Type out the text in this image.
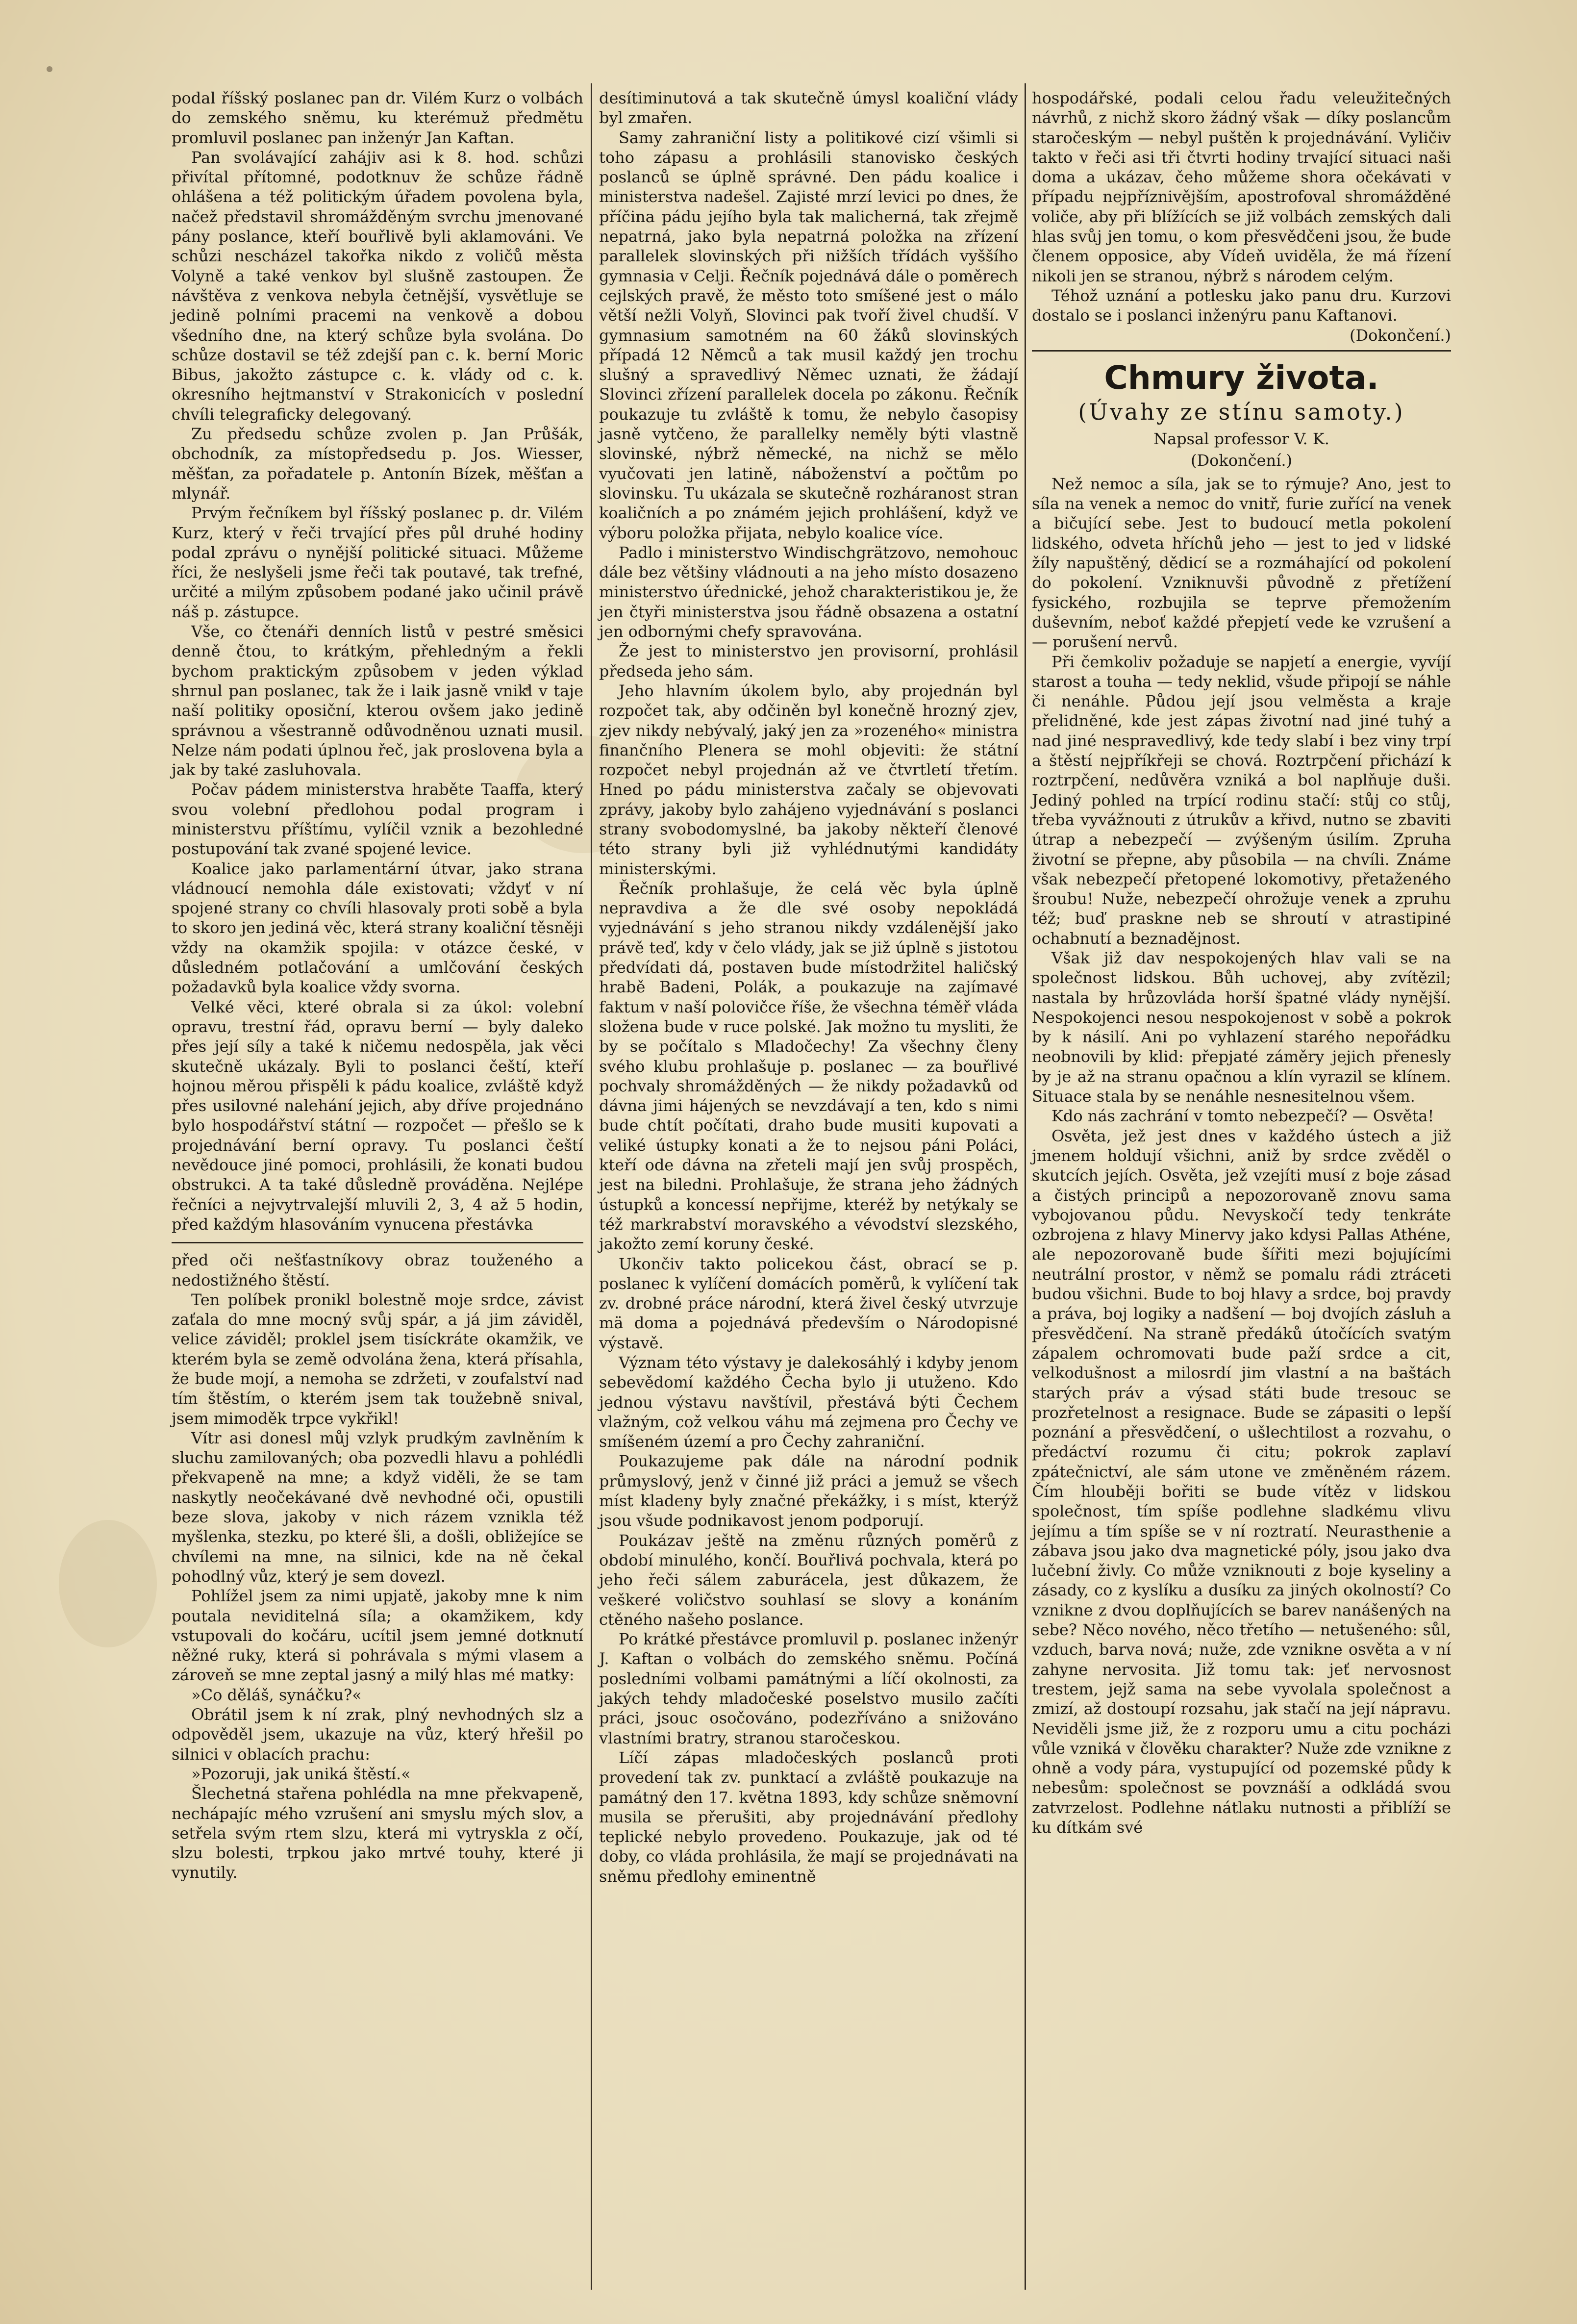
podal říšský poslanec pan dr. Vilém Kurz o volbách do zemského sněmu, ku kterémuž předmětu promluvil poslanec pan inženýr Jan Kaftan.

Pan svolávající zahájiv asi k 8. hod. schůzi přivítal přítomné, podotknuv že schůze řádně ohlášena a též politickým úřadem povolena byla, načež představil shromážděným svrchu jmenované pány poslance, kteří bouřlivě byli aklamováni. Ve schůzi nescházel takořka nikdo z voličů města Volyně a také venkov byl slušně zastoupen. Že návštěva z venkova nebyla četnější, vysvětluje se jedině polními pracemi na venkově a dobou všedního dne, na který schůze byla svolána. Do schůze dostavil se též zdejší pan c. k. berní Moric Bibus, jakožto zástupce c. k. vlády od c. k. okresního hejtmanství v Strakonicích v poslední chvíli telegraficky delegovaný.

Zu předsedu schůze zvolen p. Jan Průšák, obchodník, za místopředsedu p. Jos. Wiesser, měšťan, za pořadatele p. Antonín Bízek, měšťan a mlynář.

Prvým řečníkem byl říšský poslanec p. dr. Vilém Kurz, který v řeči trvající přes půl druhé hodiny podal zprávu o nynější politické situaci. Můžeme říci, že neslyšeli jsme řeči tak poutavé, tak trefné, určité a milým způsobem podané jako učinil právě náš p. zástupce.

Vše, co čtenáři denních listů v pestré směsici denně čtou, to krátkým, přehledným a řekli bychom praktickým způsobem v jeden výklad shrnul pan poslanec, tak že i laik jasně vnikl v taje naší politiky oposiční, kterou ovšem jako jedině správnou a všestranně odůvodněnou uznati musil. Nelze nám podati úplnou řeč, jak proslovena byla a jak by také zasluhovala.

Počav pádem ministerstva hraběte Taaffa, který svou volební předlohou podal program i ministerstvu příštímu, vylíčil vznik a bezohledné postupování tak zvané spojené levice.

Koalice jako parlamentární útvar, jako strana vládnoucí nemohla dále existovati; vždyť v ní spojené strany co chvíli hlasovaly proti sobě a byla to skoro jen jediná věc, která strany koaliční těsněji vždy na okamžik spojila: v otázce české, v důsledném potlačování a umlčování českých požadavků byla koalice vždy svorna.

Velké věci, které obrala si za úkol: volební opravu, trestní řád, opravu berní — byly daleko přes její síly a také k ničemu nedospěla, jak věci skutečně ukázaly. Byli to poslanci čeští, kteří hojnou měrou přispěli k pádu koalice, zvláště když přes usilovné nalehání jejich, aby dříve projednáno bylo hospodářství státní — rozpočet — přešlo se k projednávání berní opravy. Tu poslanci čeští nevědouce jiné pomoci, prohlásili, že konati budou obstrukci. A ta také důsledně prováděna. Nejlépe řečníci a nejvytrvalejší mluvili 2, 3, 4 až 5 hodin, před každým hlasováním vynucena přestávka

před oči nešťastníkovy obraz touženého a nedostižného štěstí.

Ten políbek pronikl bolestně moje srdce, závist zaťala do mne mocný svůj spár, a já jim záviděl, velice záviděl; proklel jsem tisíckráte okamžik, ve kterém byla se země odvolána žena, která přísahla, že bude mojí, a nemoha se zdržeti, v zoufalství nad tím štěstím, o kterém jsem tak toužebně snival, jsem mimoděk trpce vykřikl!

Vítr asi donesl můj vzlyk prudkým zavlněním k sluchu zamilovaných; oba pozvedli hlavu a pohlédli překvapeně na mne; a když viděli, že se tam naskytly neočekávané dvě nevhodné oči, opustili beze slova, jakoby v nich rázem vznikla též myšlenka, stezku, po které šli, a došli, obližejíce se chvílemi na mne, na silnici, kde na ně čekal pohodlný vůz, který je sem dovezl.

Pohlížel jsem za nimi upjatě, jakoby mne k nim poutala neviditelná síla; a okamžikem, kdy vstupovali do kočáru, ucítil jsem jemné dotknutí něžné ruky, která si pohrávala s mými vlasem a zároveň se mne zeptal jasný a milý hlas mé matky:

»Co děláš, synáčku?«

Obrátil jsem k ní zrak, plný nevhodných slz a odpověděl jsem, ukazuje na vůz, který hřešil po silnici v oblacích prachu:

»Pozoruji, jak uniká štěstí.«

Šlechetná stařena pohlédla na mne překvapeně, nechápajíc mého vzrušení ani smyslu mých slov, a setřela svým rtem slzu, která mi vytryskla z očí, slzu bolesti, trpkou jako mrtvé touhy, které ji vynutily.

desítiminutová a tak skutečně úmysl koaliční vlády byl zmařen.

Samy zahraniční listy a politikové cizí všimli si toho zápasu a prohlásili stanovisko českých poslanců se úplně správné. Den pádu koalice i ministerstva nadešel. Zajisté mrzí levici po dnes, že příčina pádu jejího byla tak malicherná, tak zřejmě nepatrná, jako byla nepatrná položka na zřízení parallelek slovinských při nižších třídách vyššího gymnasia v Celji. Řečník pojednává dále o poměrech cejlských pravě, že město toto smíšené jest o málo větší nežli Volyň, Slovinci pak tvoří živel chudší. V gymnasium samotném na 60 žáků slovinských případá 12 Němců a tak musil každý jen trochu slušný a spravedlivý Němec uznati, že žádají Slovinci zřízení parallelek docela po zákonu. Řečník poukazuje tu zvláště k tomu, že nebylo časopisy jasně vytčeno, že parallelky neměly býti vlastně slovinské, nýbrž německé, na nichž se mělo vyučovati jen latině, náboženství a počtům po slovinsku. Tu ukázala se skutečně rozháranost stran koaličních a po známém jejich prohlášení, když ve výboru položka přijata, nebylo koalice více.

Padlo i ministerstvo Windischgrätzovo, nemohouc dále bez většiny vládnouti a na jeho místo dosazeno ministerstvo úřednické, jehož charakteristikou je, že jen čtyři ministerstva jsou řádně obsazena a ostatní jen odbornými chefy spravována.

Že jest to ministerstvo jen provisorní, prohlásil předseda jeho sám.

Jeho hlavním úkolem bylo, aby projednán byl rozpočet tak, aby odčiněn byl konečně hrozný zjev, zjev nikdy nebývalý, jaký jen za »rozeného« ministra finančního Plenera se mohl objeviti: že státní rozpočet nebyl projednán až ve čtvrtletí třetím. Hned po pádu ministerstva začaly se objevovati zprávy, jakoby bylo zahájeno vyjednávání s poslanci strany svobodomyslné, ba jakoby někteří členové této strany byli již vyhlédnutými kandidáty ministerskými.

Řečník prohlašuje, že celá věc byla úplně nepravdiva a že dle své osoby nepokládá vyjednávání s jeho stranou nikdy vzdálenější jako právě teď, kdy v čelo vlády, jak se již úplně s jistotou předvídati dá, postaven bude místodržitel haličský hrabě Badeni, Polák, a poukazuje na zajímavé faktum v naší polovičce říše, že všechna téměř vláda složena bude v ruce polské. Jak možno tu mysliti, že by se počítalo s Mladočechy! Za všechny členy svého klubu prohlašuje p. poslanec — za bouřlivé pochvaly shromážděných — že nikdy požadavků od dávna jimi hájených se nevzdávají a ten, kdo s nimi bude chtít počítati, draho bude musiti kupovati a veliké ústupky konati a že to nejsou páni Poláci, kteří ode dávna na zřeteli mají jen svůj prospěch, jest na biledni. Prohlašuje, že strana jeho žádných ústupků a koncessí nepřijme, kteréž by netýkaly se též markrabství moravského a vévodství slezského, jakožto zemí koruny české.

Ukončiv takto policekou část, obrací se p. poslanec k vylíčení domácích poměrů, k vylíčení tak zv. drobné práce národní, která živel český utvrzuje mä doma a pojednává především o Národopisné výstavě.

Význam této výstavy je dalekosáhlý i kdyby jenom sebevědomí každého Čecha bylo ji utuženo. Kdo jednou výstavu navštívil, přestává býti Čechem vlažným, což velkou váhu má zejmena pro Čechy ve smíšeném území a pro Čechy zahraniční.

Poukazujeme pak dále na národní podnik průmyslový, jenž v činné již práci a jemuž se všech míst kladeny byly značné překážky, i s míst, kterýž jsou všude podnikavost jenom podporují.

Poukázav ještě na změnu různých poměrů z období minulého, končí. Bouřlivá pochvala, která po jeho řeči sálem zaburácela, jest důkazem, že veškeré voličstvo souhlasí se slovy a konáním ctěného našeho poslance.

Po krátké přestávce promluvil p. poslanec inženýr J. Kaftan o volbách do zemského sněmu. Počíná posledními volbami památnými a líčí okolnosti, za jakých tehdy mladočeské poselstvo musilo začíti práci, jsouc osočováno, podezříváno a snižováno vlastními bratry, stranou staročeskou.

Líčí zápas mladočeských poslanců proti provedení tak zv. punktací a zvláště poukazuje na památný den 17. května 1893, kdy schůze sněmovní musila se přerušiti, aby projednávání předlohy teplické nebylo provedeno. Poukazuje, jak od té doby, co vláda prohlásila, že mají se projednávati na sněmu předlohy eminentně

hospodářské, podali celou řadu veleužitečných návrhů, z nichž skoro žádný však — díky poslancům staročeským — nebyl puštěn k projednávání. Vyličiv takto v řeči asi tři čtvrti hodiny trvající situaci naši doma a ukázav, čeho můžeme shora očekávati v případu nejpříznivějším, apostrofoval shromážděné voliče, aby při blížících se již volbách zemských dali hlas svůj jen tomu, o kom přesvědčeni jsou, že bude členem opposice, aby Vídeň uviděla, že má řízení nikoli jen se stranou, nýbrž s národem celým.

Téhož uznání a potlesku jako panu dru. Kurzovi dostalo se i poslanci inženýru panu Kaftanovi.

(Dokončení.)

Chmury života.

(Úvahy ze stínu samoty.)

Napsal professor V. K.

(Dokončení.)

Než nemoc a síla, jak se to rýmuje? Ano, jest to síla na venek a nemoc do vnitř, furie zuřící na venek a bičující sebe. Jest to budoucí metla pokolení lidského, odveta hříchů jeho — jest to jed v lidské žíly napuštěný, dědicí se a rozmáhající od pokolení do pokolení. Vzniknuvši původně z přetížení fysického, rozbujila se teprve přemožením duševním, neboť každé přepjetí vede ke vzrušení a — porušení nervů.

Při čemkoliv požaduje se napjetí a energie, vyvíjí starost a touha — tedy neklid, všude připojí se náhle či nenáhle. Půdou její jsou velměsta a kraje přelidněné, kde jest zápas životní nad jiné tuhý a nad jiné nespravedlivý, kde tedy slabí i bez viny trpí a štěstí nejpříkřeji se chová. Roztrpčení přichází k roztrpčení, nedůvěra vzniká a bol naplňuje duši. Jediný pohled na trpící rodinu stačí: stůj co stůj, třeba vyvážnouti z útrukův a křivd, nutno se zbaviti útrap a nebezpečí — zvýšeným úsilím. Zpruha životní se přepne, aby působila — na chvíli. Známe však nebezpečí přetopené lokomotivy, přetaženého šroubu! Nuže, nebezpečí ohrožuje venek a zpruhu též; buď praskne neb se shroutí v atrastipiné ochabnutí a beznadějnost.

Však již dav nespokojených hlav vali se na společnost lidskou. Bůh uchovej, aby zvítězil; nastala by hrůzovláda horší špatné vlády nynější. Nespokojenci nesou nespokojenost v sobě a pokrok by k násilí. Ani po vyhlazení starého nepořádku neobnovili by klid: přepjaté záměry jejich přenesly by je až na stranu opačnou a klín vyrazil se klínem. Situace stala by se nenáhle nesnesitelnou všem.

Kdo nás zachrání v tomto nebezpečí? — Osvěta!

Osvěta, jež jest dnes v každého ústech a již jmenem holdují všichni, aniž by srdce zvěděl o skutcích jejích. Osvěta, jež vzejíti musí z boje zásad a čistých principů a nepozorovaně znovu sama vybojovanou půdu. Nevyskočí tedy tenkráte ozbrojena z hlavy Minervy jako kdysi Pallas Athéne, ale nepozorovaně bude šířiti mezi bojujícími neutrální prostor, v němž se pomalu rádi ztráceti budou všichni. Bude to boj hlavy a srdce, boj pravdy a práva, boj logiky a nadšení — boj dvojích zásluh a přesvědčení. Na straně předáků útočících svatým zápalem ochromovati bude paží srdce a cit, velkodušnost a milosrdí jim vlastní a na baštách starých práv a výsad státi bude tresouc se prozřetelnost a resignace. Bude se zápasiti o lepší poznání a přesvědčení, o ušlechtilost a rozvahu, o předáctví rozumu či citu; pokrok zaplaví zpátečnictví, ale sám utone ve změněném rázem. Čím hlouběji bořiti se bude vítěz v lidskou společnost, tím spíše podlehne sladkému vlivu jejímu a tím spíše se v ní roztratí. Neurasthenie a zábava jsou jako dva magnetické póly, jsou jako dva lučební živly. Co může vzniknouti z boje kyseliny a zásady, co z kyslíku a dusíku za jiných okolností? Co vznikne z dvou doplňujících se barev nanášených na sebe? Něco nového, něco třetího — netušeného: sůl, vzduch, barva nová; nuže, zde vznikne osvěta a v ní zahyne nervosita. Již tomu tak: jeť nervosnost trestem, jejž sama na sebe vyvolala společnost a zmizí, až dostoupí rozsahu, jak stačí na její nápravu. Neviděli jsme již, že z rozporu umu a citu pocházi vůle vzniká v člověku charakter? Nuže zde vznikne z ohně a vody pára, vystupující od pozemské půdy k nebesům: společnost se povznáší a odkládá svou zatvrzelost. Podlehne nátlaku nutnosti a přiblíží se ku dítkám své
